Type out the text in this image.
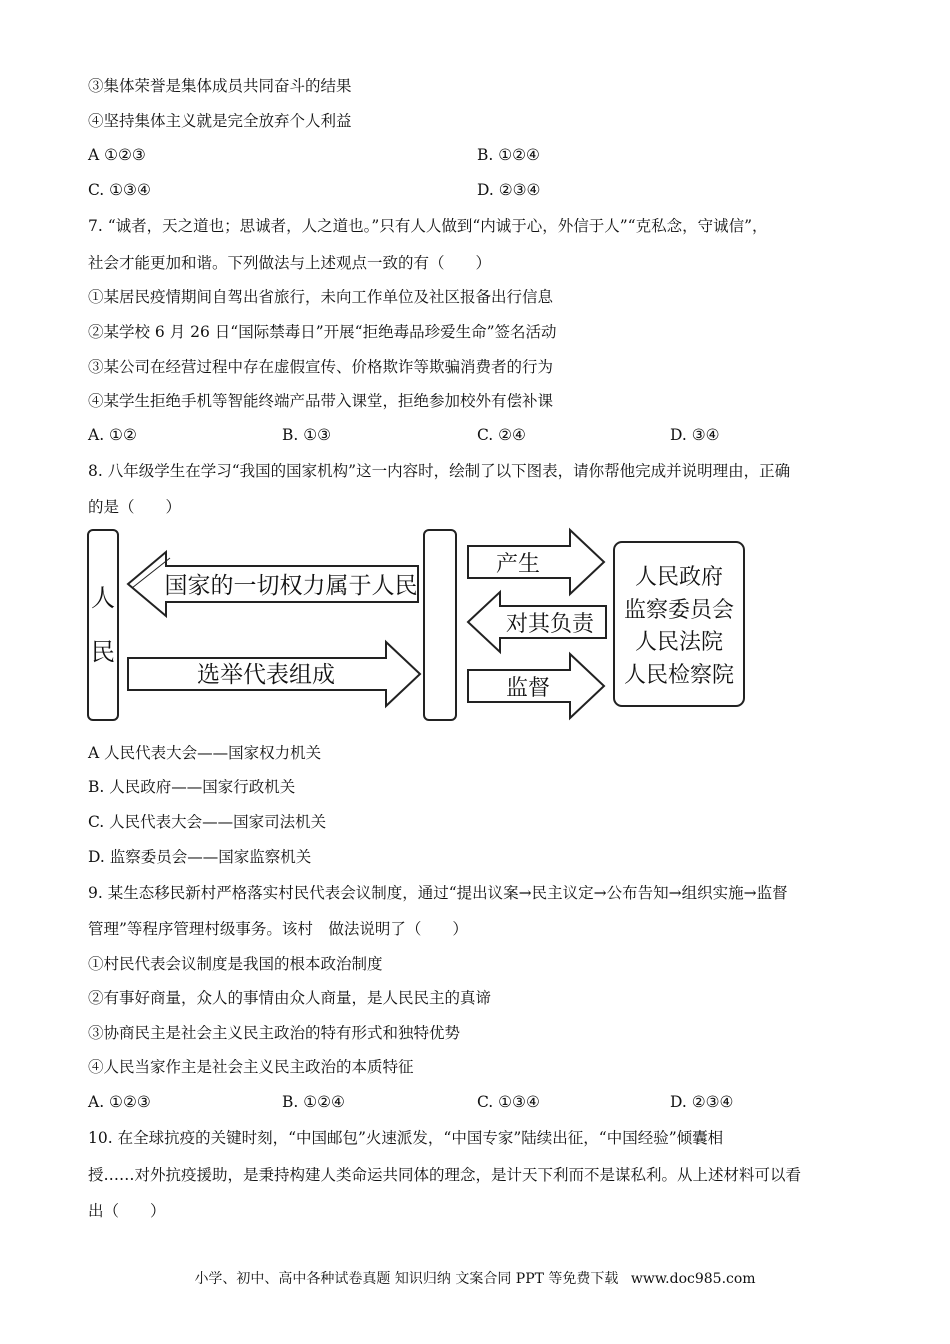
③集体荣誉是集体成员共同奋斗的结果
④坚持集体主义就是完全放弃个人利益
A ①②③	B. ①②④
C. ①③④	D. ②③④
7. “诚者，天之道也；思诚者，人之道也。”只有人人做到“内诚于心，外信于人”“克私念，守诚信”，
社会才能更加和谐。下列做法与上述观点一致的有（　　）
①某居民疫情期间自驾出省旅行，未向工作单位及社区报备出行信息
②某学校 6 月 26 日“国际禁毒日”开展“拒绝毒品珍爱生命”签名活动
③某公司在经营过程中存在虚假宣传、价格欺诈等欺骗消费者的行为
④某学生拒绝手机等智能终端产品带入课堂，拒绝参加校外有偿补课
A. ①②	B. ①③	C. ②④	D. ③④
8. 八年级学生在学习“我国的国家机构”这一内容时，绘制了以下图表，请你帮他完成并说明理由，正确
的是（　　）
人
民
国家的一切权力属于人民
选举代表组成
产生
对其负责
监督
人民政府
监察委员会
人民法院
人民检察院
A 人民代表大会——国家权力机关
B. 人民政府——国家行政机关
C. 人民代表大会——国家司法机关
D. 监察委员会——国家监察机关
9. 某生态移民新村严格落实村民代表会议制度，通过“提出议案→民主议定→公布告知→组织实施→监督
管理”等程序管理村级事务。该村　做法说明了（　　）
①村民代表会议制度是我国的根本政治制度
②有事好商量，众人的事情由众人商量，是人民民主的真谛
③协商民主是社会主义民主政治的特有形式和独特优势
④人民当家作主是社会主义民主政治的本质特征
A. ①②③	B. ①②④	C. ①③④	D. ②③④
10. 在全球抗疫的关键时刻，“中国邮包”火速派发，“中国专家”陆续出征，“中国经验”倾囊相
授……对外抗疫援助，是秉持构建人类命运共同体的理念，是计天下利而不是谋私利。从上述材料可以看
出（　　）
小学、初中、高中各种试卷真题 知识归纳 文案合同 PPT 等免费下载 www.doc985.com
